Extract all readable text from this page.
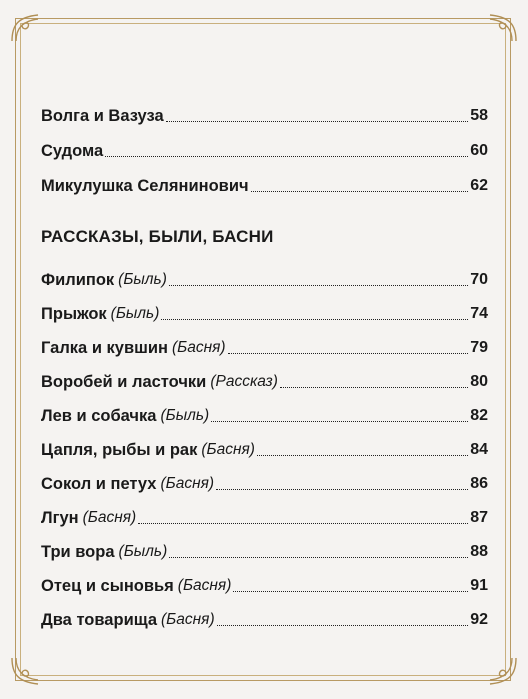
Волга и Вазуза	58
Судома	60
Микулушка Селянинович	62
РАССКАЗЫ, БЫЛИ, БАСНИ
Филипок (Быль)	70
Прыжок (Быль)	74
Галка и кувшин (Басня)	79
Воробей и ласточки (Рассказ)	80
Лев и собачка (Быль)	82
Цапля, рыбы и рак (Басня)	84
Сокол и петух (Басня)	86
Лгун (Басня)	87
Три вора (Быль)	88
Отец и сыновья (Басня)	91
Два товарища (Басня)	92
